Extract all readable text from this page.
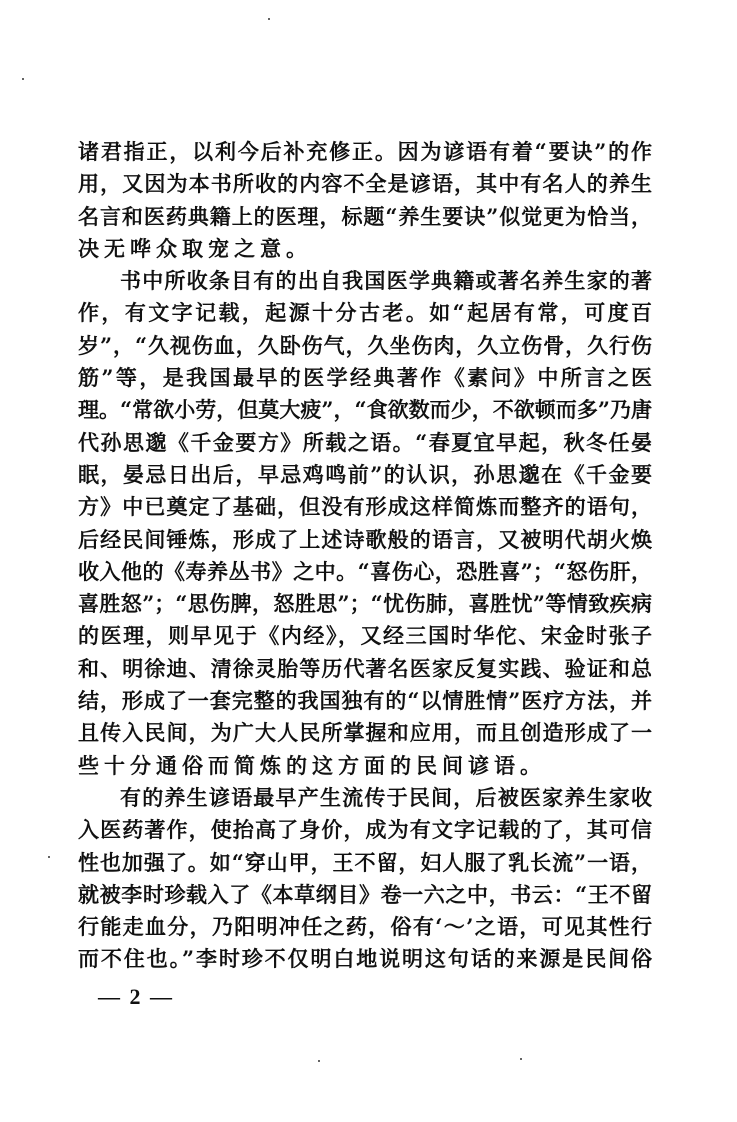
诸君指正，以利今后补充修正。因为谚语有着“要诀”的作
用，又因为本书所收的内容不全是谚语，其中有名人的养生
名言和医药典籍上的医理，标题“养生要诀”似觉更为恰当，
决无哗众取宠之意。
书中所收条目有的出自我国医学典籍或著名养生家的著
作，有文字记载，起源十分古老。如“起居有常，可度百
岁”，“久视伤血，久卧伤气，久坐伤肉，久立伤骨，久行伤
筋”等，是我国最早的医学经典著作《素问》中所言之医
理。“常欲小劳，但莫大疲”，“食欲数而少，不欲顿而多”乃唐
代孙思邈《千金要方》所载之语。“春夏宜早起，秋冬任晏
眠，晏忌日出后，早忌鸡鸣前”的认识，孙思邈在《千金要
方》中已奠定了基础，但没有形成这样简炼而整齐的语句，
后经民间锤炼，形成了上述诗歌般的语言，又被明代胡火焕
收入他的《寿养丛书》之中。“喜伤心，恐胜喜”；“怒伤肝，
喜胜怒”；“思伤脾，怒胜思”；“忧伤肺，喜胜忧”等情致疾病
的医理，则早见于《内经》，又经三国时华佗、宋金时张子
和、明徐迪、清徐灵胎等历代著名医家反复实践、验证和总
结，形成了一套完整的我国独有的“以情胜情”医疗方法，并
且传入民间，为广大人民所掌握和应用，而且创造形成了一
些十分通俗而简炼的这方面的民间谚语。
有的养生谚语最早产生流传于民间，后被医家养生家收
入医药著作，使抬高了身价，成为有文字记载的了，其可信
性也加强了。如“穿山甲，王不留，妇人服了乳长流”一语，
就被李时珍载入了《本草纲目》卷一六之中，书云：“王不留
行能走血分，乃阳明冲任之药，俗有‘～’之语，可见其性行
而不住也。”李时珍不仅明白地说明这句话的来源是民间俗
— 2 —
